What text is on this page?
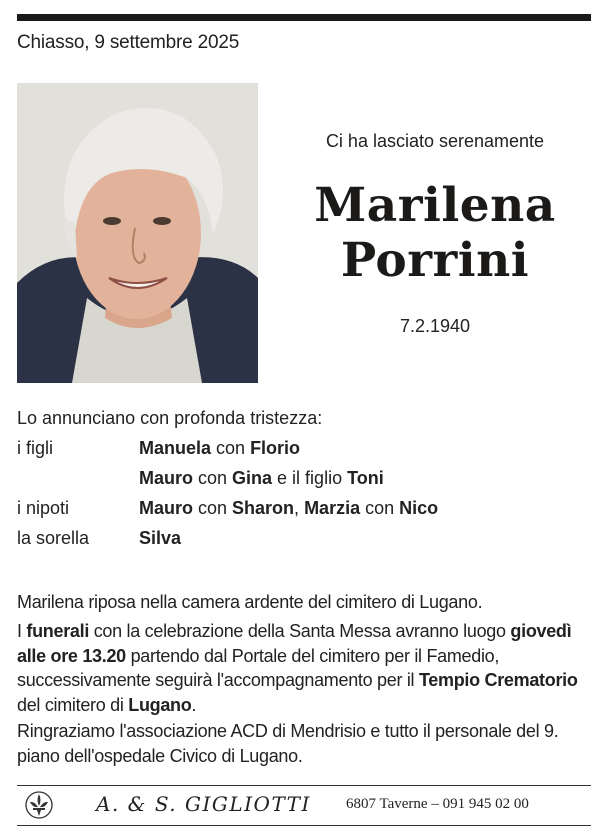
Chiasso, 9 settembre 2025
Ci ha lasciato serenamente
Marilena
Porrini
7.2.1940
Lo annunciano con profonda tristezza:
i figli	Manuela con Florio
Mauro con Gina e il figlio Toni
i nipoti	Mauro con Sharon, Marzia con Nico
la sorella	Silva
Marilena riposa nella camera ardente del cimitero di Lugano.
I funerali con la celebrazione della Santa Messa avranno luogo giovedì alle ore 13.20 partendo dal Portale del cimitero per il Famedio, successivamente seguirà l'accompagnamento per il Tempio Crematorio del cimitero di Lugano.
Ringraziamo l'associazione ACD di Mendrisio e tutto il personale del 9. piano dell'ospedale Civico di Lugano.
A. & S. GIGLIOTTI 6807 Taverne – 091 945 02 00
